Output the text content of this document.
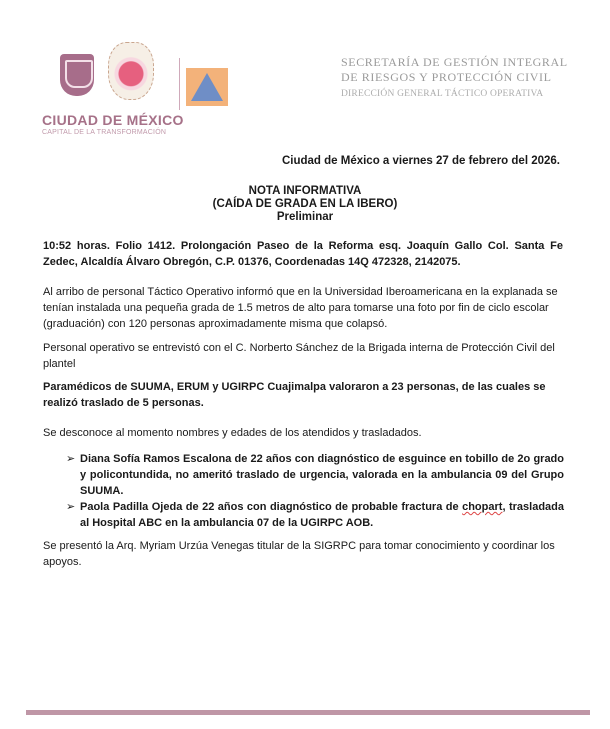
CIUDAD DE MÉXICO
CAPITAL DE LA TRANSFORMACIÓN
SECRETARÍA DE GESTIÓN INTEGRAL
DE RIESGOS Y PROTECCIÓN CIVIL
DIRECCIÓN GENERAL TÁCTICO OPERATIVA
Ciudad de México a viernes 27 de febrero del 2026.
NOTA INFORMATIVA
(CAÍDA DE GRADA EN LA IBERO)
Preliminar
10:52 horas. Folio 1412. Prolongación Paseo de la Reforma esq. Joaquín Gallo Col. Santa Fe Zedec, Alcaldía Álvaro Obregón, C.P. 01376, Coordenadas 14Q 472328, 2142075.
Al arribo de personal Táctico Operativo informó que en la Universidad Iberoamericana en la explanada se tenían instalada una pequeña grada de 1.5 metros de alto para tomarse una foto por fin de ciclo escolar (graduación) con 120 personas aproximadamente misma que colapsó.
Personal operativo se entrevistó con el C. Norberto Sánchez de la Brigada interna de Protección Civil del plantel
Paramédicos de SUUMA, ERUM y UGIRPC Cuajimalpa valoraron a 23 personas, de las cuales se realizó traslado de 5 personas.
Se desconoce al momento nombres y edades de los atendidos y trasladados.
➢ Diana Sofía Ramos Escalona de 22 años con diagnóstico de esguince en tobillo de 2o grado y policontundida, no ameritó traslado de urgencia, valorada en la ambulancia 09 del Grupo SUUMA.
➢ Paola Padilla Ojeda de 22 años con diagnóstico de probable fractura de chopart, trasladada al Hospital ABC en la ambulancia 07 de la UGIRPC AOB.
Se presentó la Arq. Myriam Urzúa Venegas titular de la SIGRPC para tomar conocimiento y coordinar los apoyos.
